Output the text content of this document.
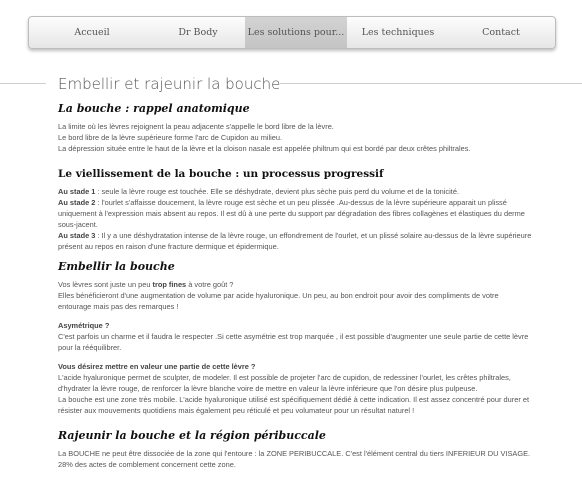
Accueil	Dr Body	Les solutions pour...	Les techniques	Contact
Embellir et rajeunir la bouche
La bouche : rappel anatomique
La limite où les lèvres rejoignent la peau adjacente s'appelle le bord libre de la lèvre.
Le bord libre de la lèvre supérieure forme l'arc de Cupidon au milieu.
La dépression située entre le haut de la lèvre et la cloison nasale est appelée philtrum qui est bordé par deux crêtes philtrales.
Le viellissement de la bouche : un processus progressif

Au stade 1 : seule la lèvre rouge est touchée. Elle se déshydrate, devient plus sèche puis perd du volume et de la tonicité.

Au stade 2 : l'ourlet s'affaisse doucement, la lèvre rouge est sèche et un peu plissée .Au-dessus de la lèvre supérieure apparait un plissé uniquement à l'expression mais absent au repos. Il est dû à une perte du support par dégradation des fibres collagènes et élastiques du derme sous-jacent.

Au stade 3 : Il y a une déshydratation intense de la lèvre rouge, un effondrement de l'ourlet, et un plissé solaire au-dessus de la lèvre supérieure présent au repos en raison d'une fracture dermique et épidermique.

Embellir la bouche

Vos lèvres sont juste un peu trop fines à votre goût ?

Elles bénéficieront d'une augmentation de volume par acide hyaluronique. Un peu, au bon endroit pour avoir des compliments de votre entourage mais pas des remarques !

Asymétrique ?

C'est parfois un charme et il faudra le respecter .Si cette asymétrie est trop marquée , il est possible d'augmenter une seule partie de cette lèvre pour la rééquilibrer.

Vous désirez mettre en valeur une partie de cette lèvre ?

L'acide hyaluronique permet de sculpter, de modeler. Il est possible de projeter l'arc de cupidon, de redessiner l'ourlet, les crêtes philtrales, d'hydrater la lèvre rouge, de renforcer la lèvre blanche voire de mettre en valeur la lèvre inférieure que l'on désire plus pulpeuse.

La bouche est une zone très mobile. L'acide hyaluronique utilisé est spécifiquement dédié à cette indication. Il est assez concentré pour durer et résister aux mouvements quotidiens mais également peu réticulé et peu volumateur pour un résultat naturel !

Rajeunir la bouche et la région péribuccale

La BOUCHE ne peut être dissociée de la zone qui l'entoure : la ZONE PERIBUCCALE. C'est l'élément central du tiers INFERIEUR DU VISAGE.

28% des actes de comblement concernent cette zone.
